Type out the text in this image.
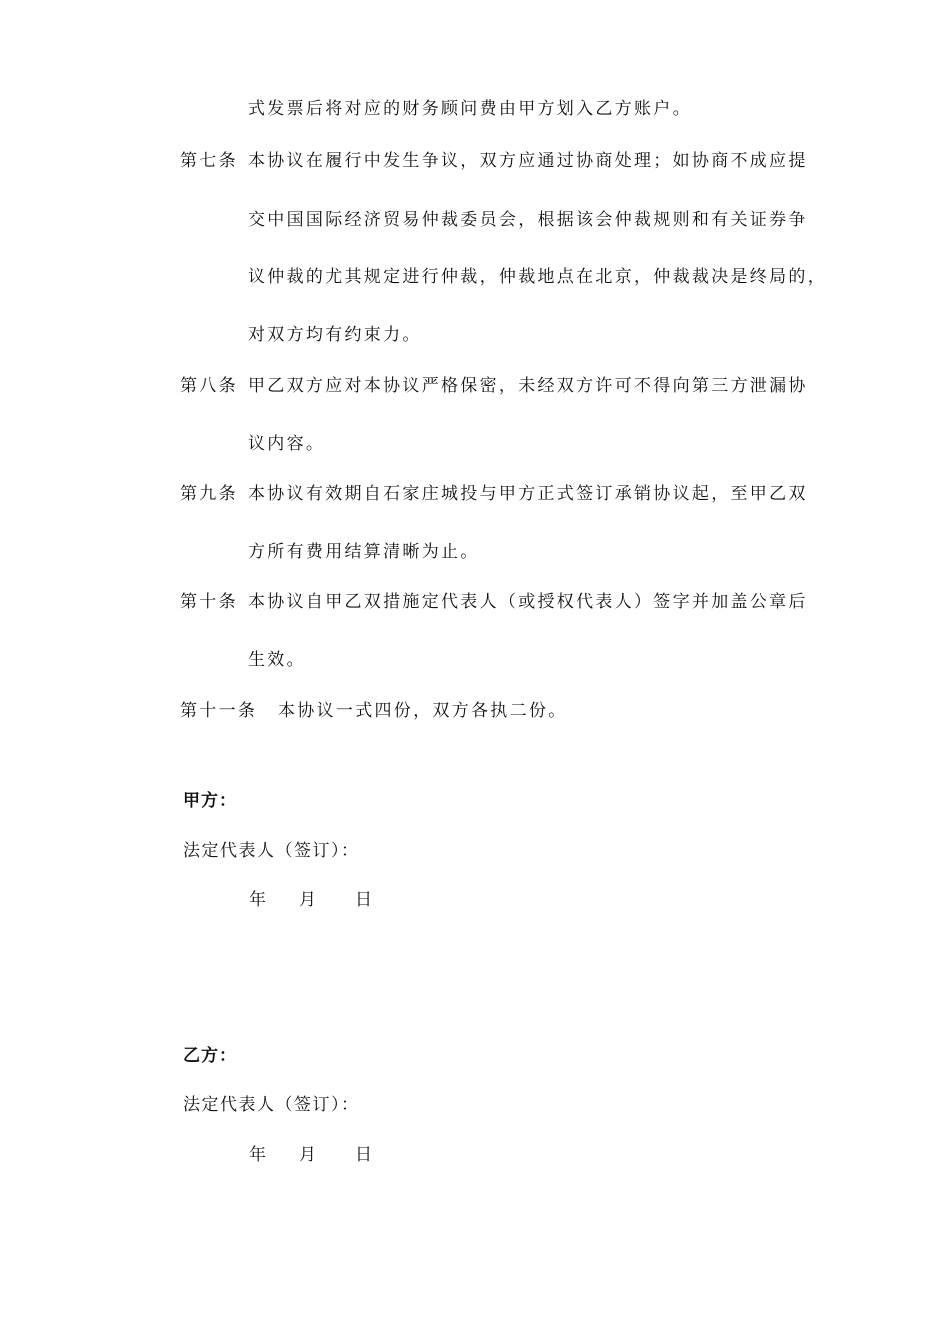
式发票后将对应的财务顾问费由甲方划入乙方账户。
第七条 本协议在履行中发生争议，双方应通过协商处理；如协商不成应提
交中国国际经济贸易仲裁委员会，根据该会仲裁规则和有关证券争
议仲裁的尤其规定进行仲裁，仲裁地点在北京，仲裁裁决是终局的，
对双方均有约束力。
第八条 甲乙双方应对本协议严格保密，未经双方许可不得向第三方泄漏协
议内容。
第九条 本协议有效期自石家庄城投与甲方正式签订承销协议起，至甲乙双
方所有费用结算清晰为止。
第十条 本协议自甲乙双措施定代表人（或授权代表人）签字并加盖公章后
生效。
第十一条 本协议一式四份，双方各执二份。
甲方：
法定代表人（签订）：
年 月 日
乙方：
法定代表人（签订）：
年 月 日
